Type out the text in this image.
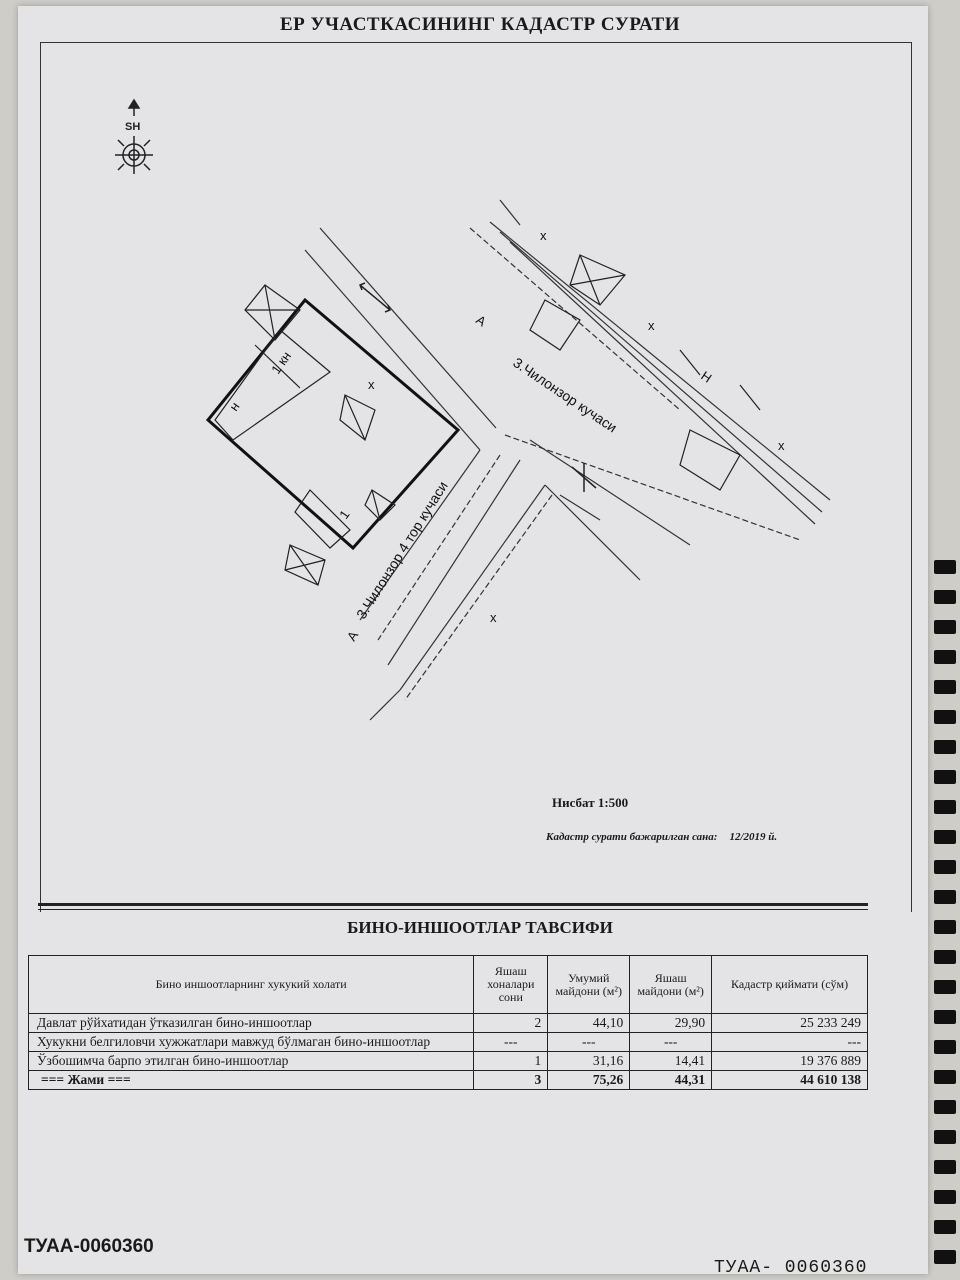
ЕР УЧАСТКАСИНИНГ КАДАСТР СУРАТИ
SH
3.Чилонзор 4 тор кучаси
3.Чилонзор кучаси
1 кн
н
1
А
А
Н
х
х
х
х
х
Нисбат 1:500
Кадастр сурати бажарилган сана: 12/2019 й.
БИНО-ИНШООТЛАР ТАВСИФИ
Бино иншоотларнинг хукукий холати	Яшаш хоналари сони	Умумий майдони (м²)	Яшаш майдони (м²)	Кадастр қиймати (сўм)
Давлат рўйхатидан ўтказилган бино-иншоотлар	2	44,10	29,90	25 233 249
Хукукни белгиловчи хужжатлари мавжуд бўлмаган бино-иншоотлар	---	---	---	---
Ўзбошимча барпо этилган бино-иншоотлар	1	31,16	14,41	19 376 889
=== Жами ===	3	75,26	44,31	44 610 138
ТУАА-0060360
ТУАА- 0060360
